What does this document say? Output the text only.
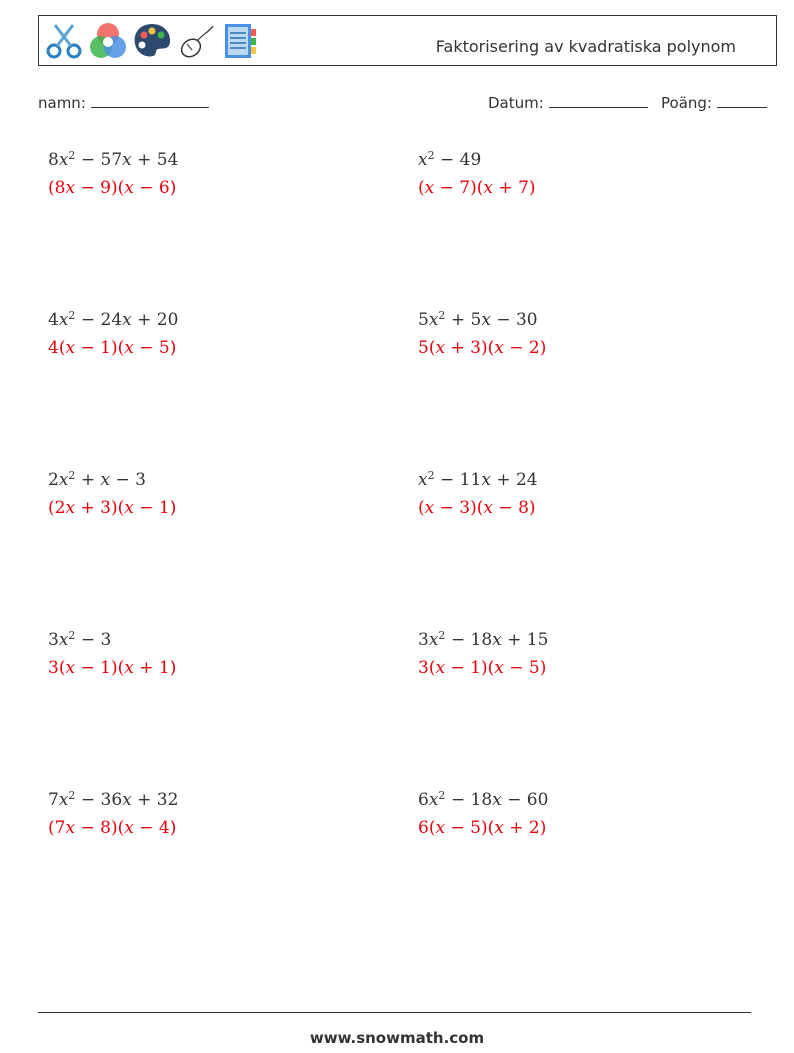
Faktorisering av kvadratiska polynom
namn:	Datum:	Poäng:
$8x^2 - 57x + 54$
(8x − 9)(x − 6)
$x^2 - 49$
(x − 7)(x + 7)
$4x^2 - 24x + 20$
4(x − 1)(x − 5)
$5x^2 + 5x - 30$
5(x + 3)(x − 2)
$2x^2 + x - 3$
(2x + 3)(x − 1)
$x^2 - 11x + 24$
(x − 3)(x − 8)
$3x^2 - 3$
3(x − 1)(x + 1)
$3x^2 - 18x + 15$
3(x − 1)(x − 5)
$7x^2 - 36x + 32$
(7x − 8)(x − 4)
$6x^2 - 18x - 60$
6(x − 5)(x + 2)
www.snowmath.com
